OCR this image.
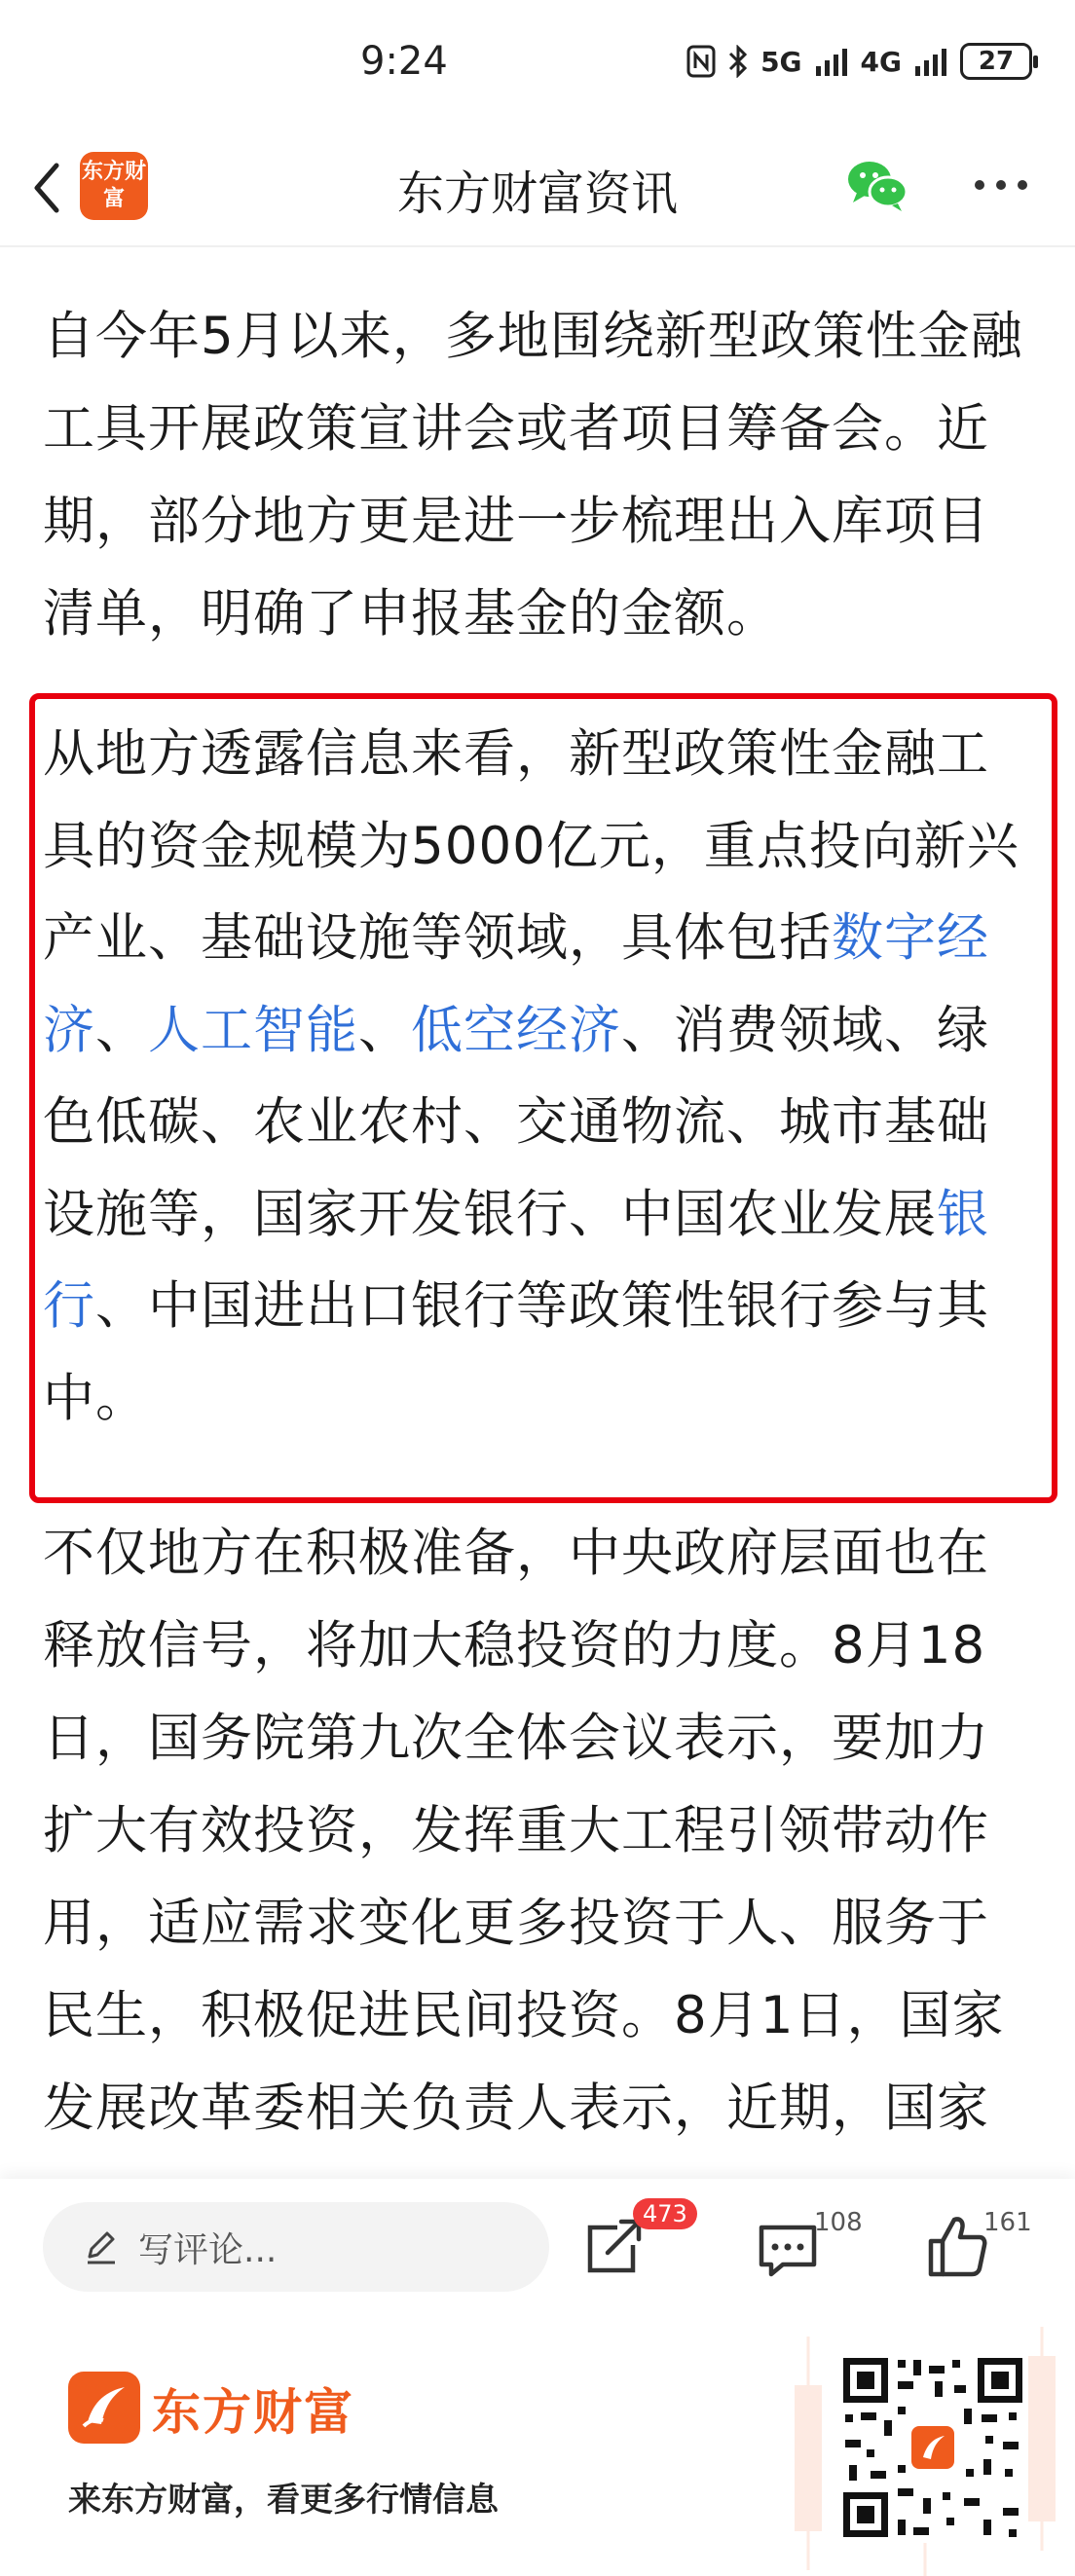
9:24	5G 4G	27
东方财富	东方财富资讯

自今年5月以来，多地围绕新型政策性金融工具开展政策宣讲会或者项目筹备会。近期，部分地方更是进一步梳理出入库项目清单，明确了申报基金的金额。

从地方透露信息来看，新型政策性金融工具的资金规模为5000亿元，重点投向新兴产业、基础设施等领域，具体包括数字经济、人工智能、低空经济、消费领域、绿色低碳、农业农村、交通物流、城市基础设施等，国家开发银行、中国农业发展银行、中国进出口银行等政策性银行参与其中。

不仅地方在积极准备，中央政府层面也在释放信号，将加大稳投资的力度。8月18日，国务院第九次全体会议表示，要加力扩大有效投资，发挥重大工程引领带动作用，适应需求变化更多投资于人、服务于民生，积极促进民间投资。8月1日，国家发展改革委相关负责人表示，近期，国家

写评论...
473	108	161
东方财富
来东方财富，看更多行情信息
